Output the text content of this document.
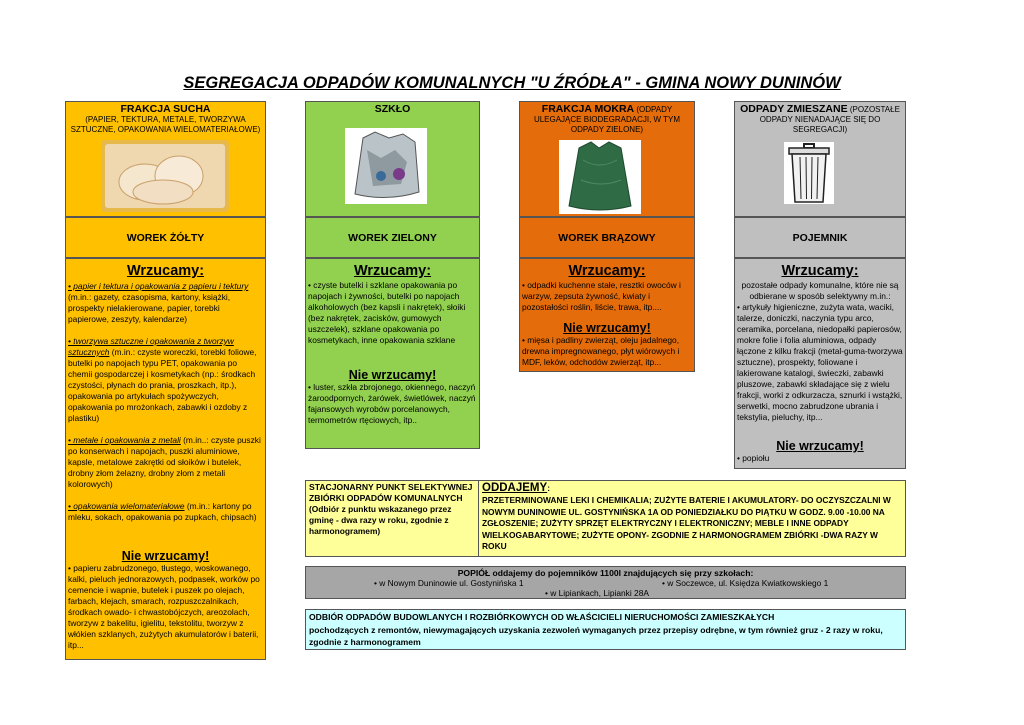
SEGREGACJA ODPADÓW KOMUNALNYCH "U ŹRÓDŁA" - GMINA NOWY DUNINÓW
FRAKCJA SUCHA
(PAPIER, TEKTURA, METALE, TWORZYWA SZTUCZNE, OPAKOWANIA WIELOMATERIAŁOWE)
WOREK ŻÓŁTY
Wrzucamy:
• papier i tektura i opakowania z papieru i tektury (m.in.: gazety, czasopisma, kartony, książki, prospekty nielakierowane, papier, torebki papierowe, zeszyty, kalendarze)
• tworzywa sztuczne i opakowania z tworzyw sztucznych (m.in.: czyste woreczki, torebki foliowe, butelki po napojach typu PET, opakowania po chemii gospodarczej i kosmetykach (np.: środkach czystości, płynach do prania, proszkach, itp.), opakowania po artykułach spożywczych, opakowania po mrożonkach, zabawki i ozdoby z plastiku)
• metale i opakowania z metali (m.in..: czyste puszki po konserwach i napojach, puszki aluminiowe, kapsle, metalowe zakrętki od słoików i butelek, drobny złom żelazny, drobny złom z metali kolorowych)
• opakowania wielomateriałowe (m.in.: kartony po mleku, sokach, opakowania po zupkach, chipsach)
Nie wrzucamy!
• papieru zabrudzonego, tłustego, woskowanego, kalki, pieluch jednorazowych, podpasek, worków po cemencie i wapnie, butelek i puszek po olejach, farbach, klejach, smarach, rozpuszczalnikach, środkach owado- i chwastobójczych, areozolach, tworzyw z bakelitu, igielitu, tekstolitu, tworzyw z włókien szklanych, zużytych akumulatorów i baterii, itp...
SZKŁO
WOREK ZIELONY
Wrzucamy:
• czyste butelki i szklane opakowania po napojach i żywności, butelki po napojach alkoholowych (bez kapsli i nakrętek), słoiki (bez nakrętek, zacisków, gumowych uszczelek), szklane opakowania po kosmetykach, inne opakowania szklane
Nie wrzucamy!
• luster, szkła zbrojonego, okiennego, naczyń żaroodpornych, żarówek, świetlówek, naczyń fajansowych wyrobów porcelanowych, termometrów rtęciowych, itp..
FRAKCJA MOKRA (ODPADY
ULEGAJĄCE BIODEGRADACJI, W TYM ODPADY ZIELONE)
WOREK BRĄZOWY
Wrzucamy:
• odpadki kuchenne stałe, resztki owoców i warzyw, zepsuta żywność, kwiaty i pozostałości roślin, liście, trawa, itp....
Nie wrzucamy!
• mięsa i padliny zwierząt, oleju jadalnego, drewna impregnowanego, płyt wiórowych i MDF, leków, odchodów zwierząt, itp...
ODPADY ZMIESZANE (POZOSTAŁE
ODPADY NIENADAJĄCE SIĘ DO SEGREGACJI)
POJEMNIK
Wrzucamy:
pozostałe odpady komunalne, które nie są odbierane w sposób selektywny m.in.:
• artykuły higieniczne, zużyta wata, waciki, talerze, doniczki, naczynia typu arco, ceramika, porcelana, niedopałki papierosów, mokre folie i folia aluminiowa, odpady łączone z kilku frakcji (metal-guma-tworzywa sztuczne), prospekty, foliowane i lakierowane katalogi, świeczki, zabawki pluszowe, zabawki składające się z wielu frakcji, worki z odkurzacza, sznurki i wstążki, serwetki, mocno zabrudzone ubrania i tekstylia, pieluchy, itp...
Nie wrzucamy!
• popiołu
STACJONARNY PUNKT SELEKTYWNEJ ZBIÓRKI ODPADÓW KOMUNALNYCH
(Odbiór z punktu wskazanego przez gminę - dwa razy w roku, zgodnie z harmonogramem)
ODDAJEMY:
PRZETERMINOWANE LEKI I CHEMIKALIA; ZUŻYTE BATERIE I AKUMULATORY- DO OCZYSZCZALNI W NOWYM DUNINOWIE UL. GOSTYNIŃSKA 1A OD PONIEDZIAŁKU DO PIĄTKU W GODZ. 9.00 -10.00 NA ZGŁOSZENIE; ZUŻYTY SPRZĘT ELEKTRYCZNY I ELEKTRONICZNY; MEBLE I INNE ODPADY WIELKOGABARYTOWE; ZUŻYTE OPONY- ZGODNIE Z HARMONOGRAMEM ZBIÓRKI -DWA RAZY W ROKU
POPIÓŁ oddajemy do pojemników 1100l znajdujących się przy szkołach:
• w Nowym Duninowie ul. Gostynińska 1	• w Soczewce, ul. Księdza Kwiatkowskiego 1
• w Lipiankach, Lipianki 28A
ODBIÓR ODPADÓW BUDOWLANYCH I ROZBIÓRKOWYCH OD WŁAŚCICIELI NIERUCHOMOŚCI ZAMIESZKAŁYCH
pochodzących z remontów, niewymagających uzyskania zezwoleń wymaganych przez przepisy odrębne, w tym również gruz - 2 razy w roku, zgodnie z harmonogramem
